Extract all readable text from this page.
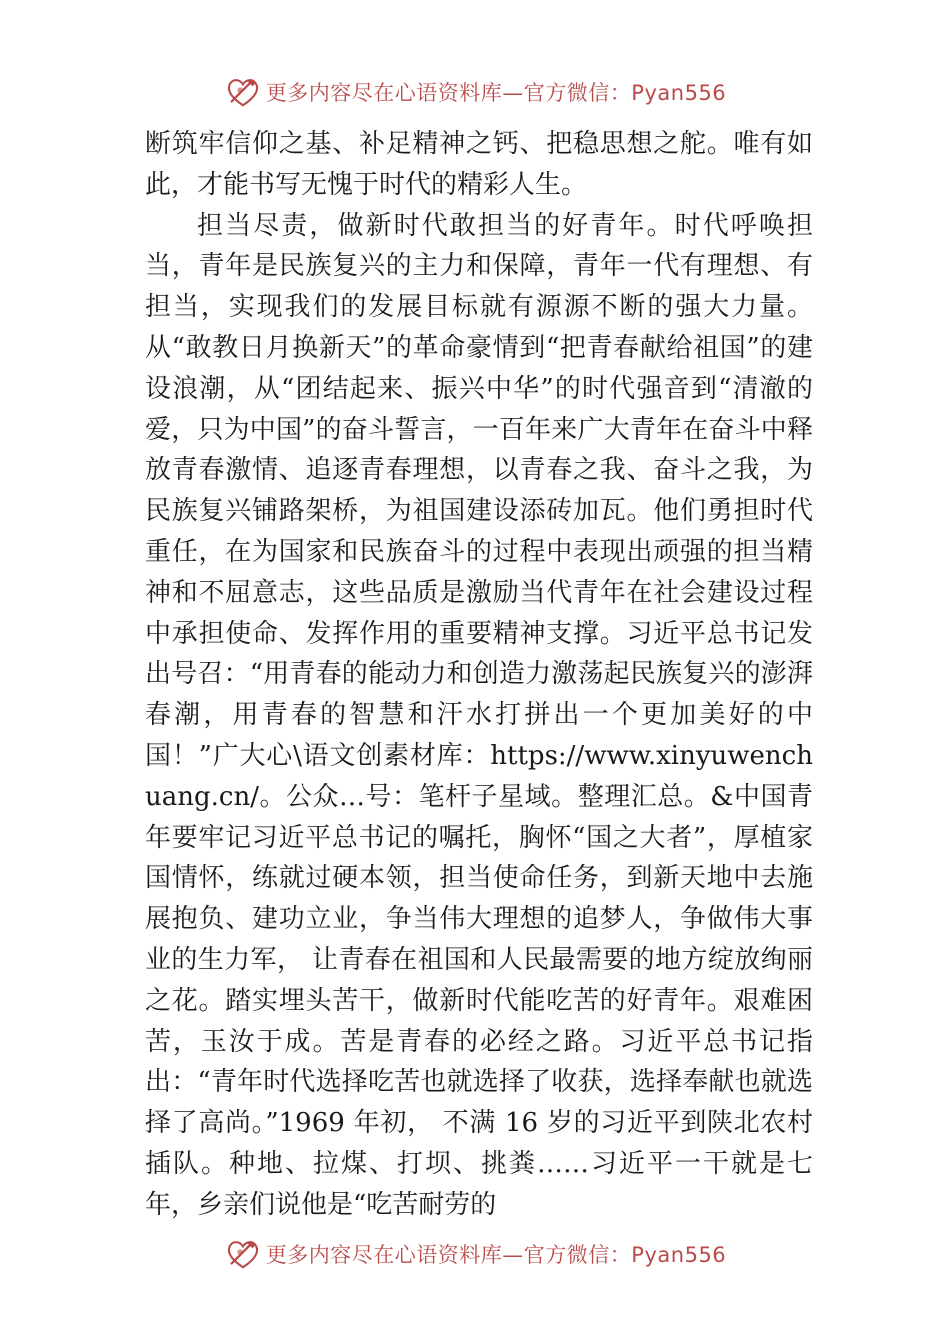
更多内容尽在心语资料库—官方微信：Pyan556

断筑牢信仰之基、补足精神之钙、把稳思想之舵。唯有如此，才能书写无愧于时代的精彩人生。

担当尽责，做新时代敢担当的好青年。时代呼唤担当，青年是民族复兴的主力和保障，青年一代有理想、有担当，实现我们的发展目标就有源源不断的强大力量。从“敢教日月换新天”的革命豪情到“把青春献给祖国”的建设浪潮，从“团结起来、振兴中华”的时代强音到“清澈的爱，只为中国”的奋斗誓言，一百年来广大青年在奋斗中释放青春激情、追逐青春理想，以青春之我、奋斗之我，为民族复兴铺路架桥，为祖国建设添砖加瓦。他们勇担时代重任，在为国家和民族奋斗的过程中表现出顽强的担当精神和不屈意志，这些品质是激励当代青年在社会建设过程中承担使命、发挥作用的重要精神支撑。习近平总书记发出号召：“用青春的能动力和创造力激荡起民族复兴的澎湃春潮，用青春的智慧和汗水打拼出一个更加美好的中国！”广大心\语文创素材库：https://www.xinyuwenchuang.cn/。公众…号：笔杆子星域。整理汇总。&中国青年要牢记习近平总书记的嘱托，胸怀“国之大者”，厚植家国情怀，练就过硬本领，担当使命任务，到新天地中去施展抱负、建功立业，争当伟大理想的追梦人，争做伟大事业的生力军， 让青春在祖国和人民最需要的地方绽放绚丽之花。踏实埋头苦干，做新时代能吃苦的好青年。艰难困苦，玉汝于成。苦是青春的必经之路。习近平总书记指出：“青年时代选择吃苦也就选择了收获，选择奉献也就选择了高尚。”1969 年初， 不满 16 岁的习近平到陕北农村插队。种地、拉煤、打坝、挑粪……习近平一干就是七年，乡亲们说他是“吃苦耐劳的

更多内容尽在心语资料库—官方微信：Pyan556
